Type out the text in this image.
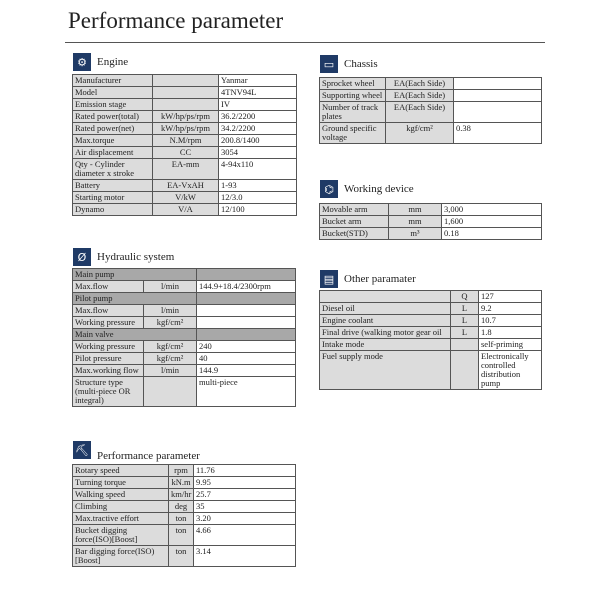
Performance parameter
⚙ Engine
Manufacturer		Yanmar
Model		4TNV94L
Emission stage		IV
Rated power(total)	kW/hp/ps/rpm	36.2/2200
Rated power(net)	kW/hp/ps/rpm	34.2/2200
Max.torque	N.M/rpm	200.8/1400
Air displacement	CC	3054
Qty - Cylinder diameter x stroke	EA-mm	4-94x110
Battery	EA-VxAH	1-93
Starting motor	V/kW	12/3.0
Dynamo	V/A	12/100
Ø Hydraulic system
Main pump		
Max.flow	l/min	144.9+18.4/2300rpm
Pilot pump		
Max.flow	l/min	
Working pressure	kgf/cm²	
Main valve		
Working pressure	kgf/cm²	240
Pilot pressure	kgf/cm²	40
Max.working flow	l/min	144.9
Structure type (multi-piece OR integral)		multi-piece
⛏ Performance parameter
Rotary speed	rpm	11.76
Turning torque	kN.m	9.95
Walking speed	km/hr	25.7
Climbing	deg	35
Max.tractive effort	ton	3.20
Bucket digging force(ISO)[Boost]	ton	4.66
Bar digging force(ISO)[Boost]	ton	3.14
▭ Chassis
Sprocket wheel	EA(Each Side)	
Supporting wheel	EA(Each Side)	
Number of track plates	EA(Each Side)	
Ground specific voltage	kgf/cm²	0.38
⌬ Working device
Movable arm	mm	3,000
Bucket arm	mm	1,600
Bucket(STD)	m³	0.18
▤ Other paramater
	Q	127
Diesel oil	L	9.2
Engine coolant	L	10.7
Final drive (walking motor gear oil	L	1.8
Intake mode		self-priming
Fuel supply mode		Electronically controlled distribution pump
